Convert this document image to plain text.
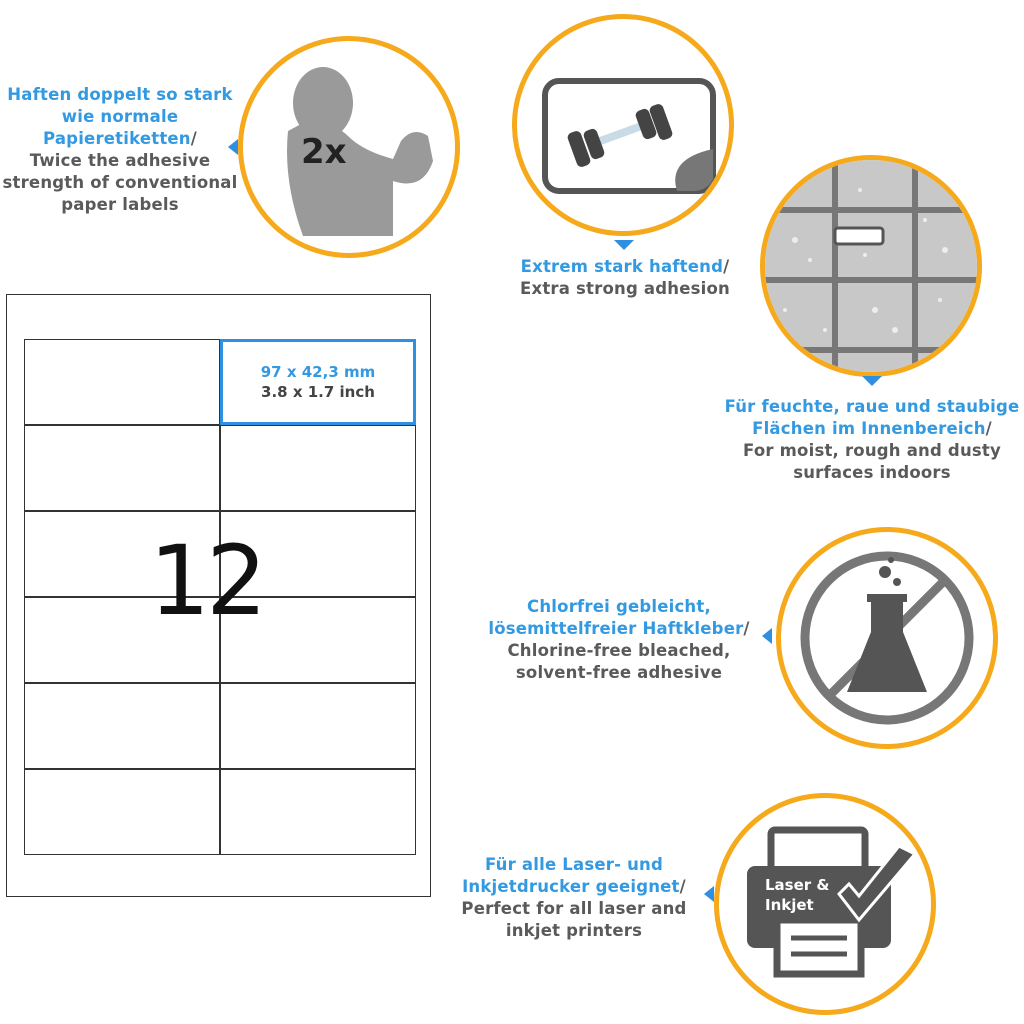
Haften doppelt so stark wie normale Papieretiketten/
Twice the adhesive strength of conventional paper labels
2x
Extrem stark haftend/
Extra strong adhesion
Für feuchte, raue und staubige Flächen im Innenbereich/
For moist, rough and dusty surfaces indoors
Chlorfrei gebleicht, lösemittelfreier Haftkleber/
Chlorine-free bleached, solvent-free adhesive
Für alle Laser- und Inkjetdrucker geeignet/
Perfect for all laser and inkjet printers
Laser &
Inkjet
97 x 42,3 mm
3.8 x 1.7 inch
12
